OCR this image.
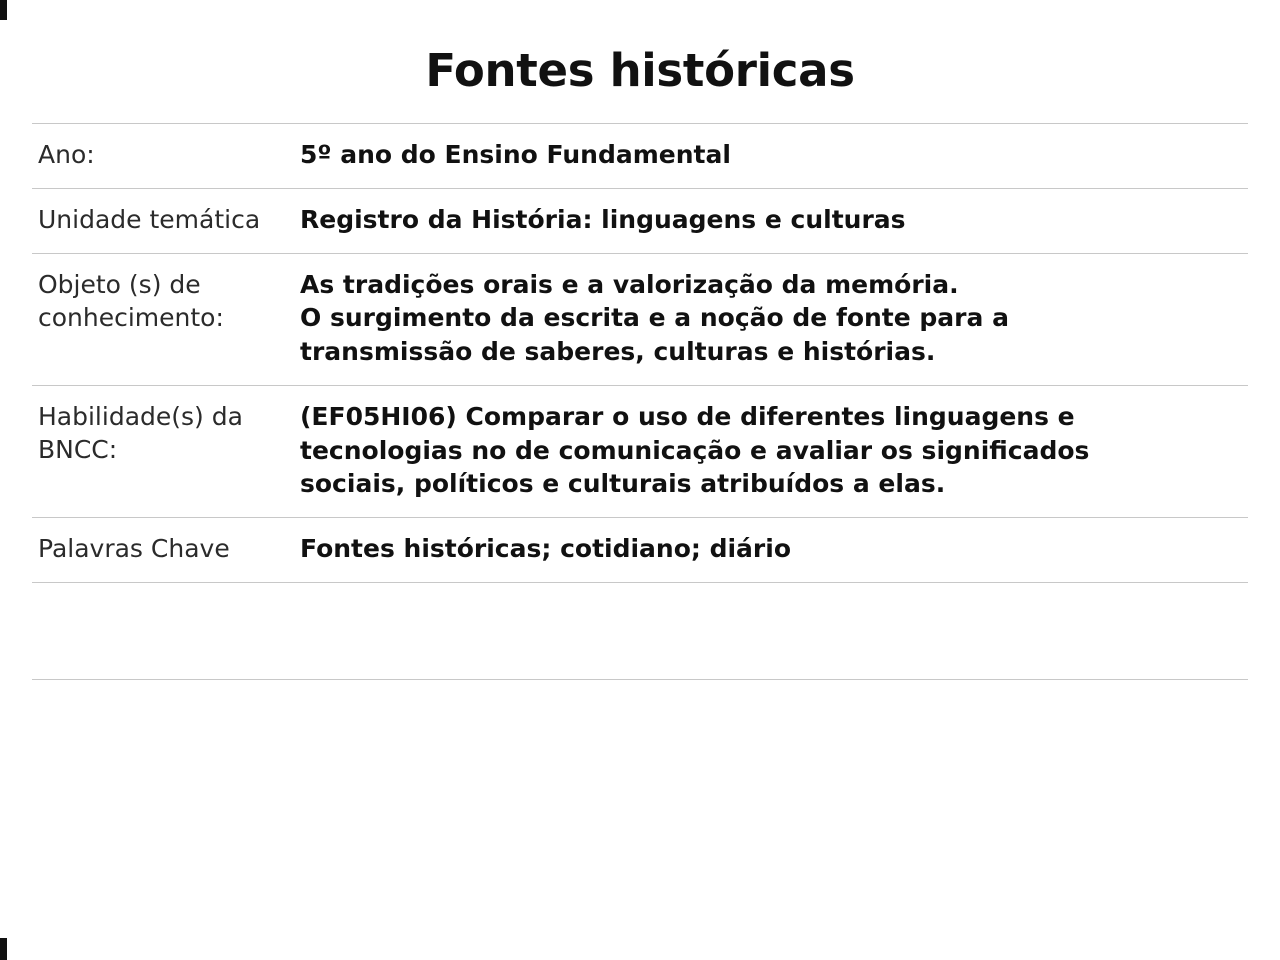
Fontes históricas
Ano:	5º ano do Ensino Fundamental

Unidade temática	Registro da História: linguagens e culturas

Objeto (s) de conhecimento:	As tradições orais e a valorização da memória.
O surgimento da escrita e a noção de fonte para a
transmissão de saberes, culturas e histórias.

Habilidade(s) da BNCC:	(EF05HI06) Comparar o uso de diferentes linguagens e
tecnologias no de comunicação e avaliar os significados
sociais, políticos e culturais atribuídos a elas.

Palavras Chave	Fontes históricas; cotidiano; diário
